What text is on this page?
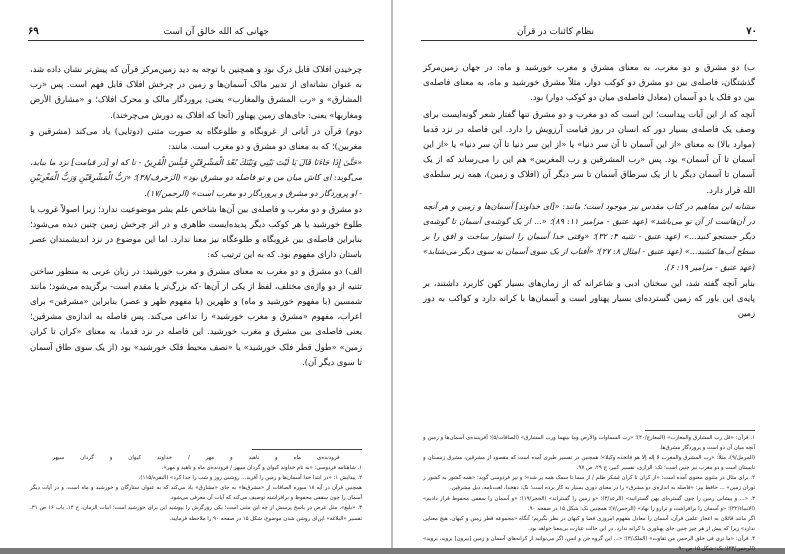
۶۹	جهانی که الله خالق آن است

چرخیدن افلاک قابل درک بود و همچنین با توجه به دید زمین‌مرکز قرآن که پیش‌تر نشان داده شد، به عنوان نشانه‌ای از تدبیر مالک آسمان‌ها و زمین در چرخش افلاک قابل فهم است. پس «رب المشارق» و «رب المشرق والمغارب» یعنی: پروردگار مالک و محرک افلاک؛ و «مشارق الأرض ومغاربها» یعنی: جای‌های زمین پهناور (آنجا که افلاک به دورش می‌چرخند).

دوم) قرآن در آیاتی از غروبگاه و طلوعگاه به صورت مثنی (دوتایی) یاد می‌کند (مشرقین و مغربین)؛ که به معنای دو مشرق و دو مغرب است. مانند:

«حَتَّىٰ إِذَا جَاءَنَا قَالَ يَا لَيْتَ بَيْنِي وَبَيْنَكَ بُعْدَ الْمَشْرِقَيْنِ فَبِئْسَ الْقَرِينُ - تا که او [در قیامت] نزد ما بیاید، می‌گوید: ای کاش میان من و تو فاصله دو مشرق بود» (الزخرف/۳۸)؛ «رَبُّ الْمَشْرِقَيْنِ وَرَبُّ الْمَغْرِبَيْنِ - او پروردگار دو مشرق و پروردگار دو مغرب است» (الرحمن/۱۷).

دو مشرق و دو مغرب و فاصله‌ی بین آن‌ها شاخص علم بشر موضوعیت ندارد؛ زیرا اصولاً غروب یا طلوع خورشید یا هر کوکب دیگر پدیده‌ایست ظاهری و در اثر چرخش زمین چنین دیده می‌شود؛ بنابراین فاصله‌ی بین غروبگاه و طلوعگاه نیز معنا ندارد. اما این موضوع در نزد اندیشمندان عصر باستان دارای مفهوم بود. که به این ترتیب که:

الف) دو مشرق و دو مغرب به معنای مشرق و مغرب خورشید: در زبان عربی به منظور ساختن تثنیه از دو واژه‌ی مختلف، لفظ از یکی از آن‌ها -که بزرگ‌تر یا مقدم است- برگزیده می‌شود؛ مانند شمسین (با مفهوم خورشید و ماه) و ظهرین (با مفهوم ظهر و عصر) بنابراین «مشرقین» برای اعراب، مفهوم «مشرق و مغرب خورشید» را تداعی می‌کند. پس فاصله به اندازه‌ی مشرقین؛ یعنی فاصله‌ی بین مشرق و مغرب خورشید. این فاصله در نزد قدما، به معنای «کران تا کران زمین» «طول قطر فلک خورشید» یا «نصف محیط فلک خورشید» بود (از یک سوی طاق آسمان تا سوی دیگر آن).

فرودنده‌ی ماه و ناهید و مهر / خداوند کیوان و گردان سپهر

۱. شاهنامه فردوسی: «به نام خداوند کیوان و گردان سپهر / فرودنده‌ی ماه و ناهید و مهر».

۲. پیدایش ۱: «در ابتدا خدا آسمان‌ها و زمین را آفرید... روشنی روز و شب را جدا کرد» (البقره/۱۱۵).

همچنین قرآن در آیه ۱۸ سوره الصافات از «مشرق‌ها» به جای «مشارق» یاد می‌کند که به عنوان ستارگان و خورشید و ماه است، و در آیات دیگر آسمان را چون سقفی محفوظ و برافراشته توصیف می‌کند که آیات آن معرفی می‌شود.

۳. «بلیغ»، مثل عرض در پاسخ پرسش از چه این مثنی است؛ یکی روزگرش را بپوشید این برای خورشید است؛ ابیات الزمان، ج ۱۴، باب ۱۶ ص ۳۱، تفسیر «البلاغة» این‌ای روشن شدن موضوع، شکل ۱۵ در صفحه ۹۰ را ملاحظه فرمایید.

۷۰
نظام کائنات در قرآن

ب) دو مشرق و دو مغرب، به معنای مشرق و مغرب خورشید و ماه: در جهان زمین‌مرکز گذشتگان، فاصله‌ی بین دو مشرق دو کوکب دوار، مثلاً مشرق خورشید و ماه، به معنای فاصله‌ی بین دو فلک یا دو آسمان (معادل فاصله‌ی میان دو کوکب دوار) بود.

آنچه که از این آیات پیداست؛ این است که دو مغرب و دو مشرق تنها گفتار شعر گونه‌ایست برای وصف یک فاصله‌ی بسیار دور که انسان در روز قیامت آرزویش را دارد. این فاصله در نزد قدما (موارد بالا) به معنای «از این آسمان تا آن سر دنیا» یا «از این سر دنیا تا آن سر دنیا» یا «از این آسمان تا آن آسمان» بود. پس «رب المشرقین و رب المغربین» هم این را می‌رساند که از یک آسمان تا آسمان دیگر یا از یک سرطاق آسمان تا سر دیگر آن (افلاک و زمین)، همه زیر سلطه‌ی الله قرار دارد.

مشابه این مفاهیم در کتاب مقدس نیز موجود است؛ مانند: «[ای خداوند] آسمان‌ها و زمین و هر آنچه در آن‌هاست از آن تو می‌باشد» (عهد عتیق - مزامیر ۱۱: ۸۹)؛ «... از یک گوشه‌ی آسمان تا گوشه‌ی دیگر جستجو کنید...» (عهد عتیق - تثنیه ۴: ۳۲)؛ «وقتی خدا آسمان را استوار ساخت و افق را بر سطح آب‌ها کشید...» (عهد عتیق - امثال ۸: ۲۷)؛ «آفتاب از یک سوی آسمان به سوی دیگر می‌شتابد» (عهد عتیق - مزامیر ۱۹: ۶).

بنابر آنچه گفته شد، این سخنان ادبی و شاعرانه که از زمان‌های بسیار کهن کاربرد داشتند، بر پایه‌ی این باور که زمین گسترده‌ای بسیار پهناور است و آسمان‌ها با کرانه دارد و کواکب به دور زمین

۱. قرآن: «قل رب المشارق والمغارب» (المعارج/۴۰)؛ «رب السماوات والأرض وما بينهما ورب المشارق» (الصافات/۵)؛ آفریننده‌ی آسمان‌ها و زمین و آنچه میان آن دو است و پروردگار مشرق‌ها.

(المزمل/۹)، مثلاً: «رب المشرق والمغرب لا إله إلا هو فاتخذه وكيلا»؛ همچنین در تفسیر طبری آمده است که مقصود از مشرقین، مشرق زمستان و تابستان است و دو مغرب نیز چنین است؛ نک: الرازی، تفسیر کبیر، ج ۲۹، ص ۹۷.

۲. برای مثال در مثنوی معنوی آمده است: «از کران تا کران لشکر ظلم / از سما تا سمک همه پر شد»؛ و نیز فردوسی گوید: «همه کشور به کشور ز توران زمین» ... حافظ نیز: «فاصله به اندازه‌ی دو مشرق» را در معنای دوری بسیار به کار برده است؛ نک: دهخدا، لغت‌نامه، ذیل مشرقین.

۳. «... و پیشانی زمین را چون گستره‌ای پهن گسترانید» (الرعد/۳)؛ «و زمین را گستراند» (الحجر/۱۹)؛ «و آسمان را سقفی محفوظ قرار دادیم» (الانبیاء/۳۲)؛ «و آسمان را برافراشت و ترازو را نهاد» (الرحمن/۷)؛ همچنین نک: شکل ۱۵ در صفحه ۹۰.

اگر مانند قائلان به اعجاز علمی قرآن، آسمان را معادل مفهوم امروزی فضا و کیهان در نظر بگیریم؛ آنگاه «مجموعه قطر زمین و کیهان، هیچ معنایی ندارد» زیرا که پیش از هر چیز چنین جای پهناوری با کرانه ندارد. در این حالت عبارت بی‌معنا خواهد بود.

۴. قرآن: «ما تری فی خلق الرحمن من تفاوت» (الملک/۳)؛ «... این گروه جن و انس، اگر می‌توانید از کرانه‌های آسمان و زمین [بیرون] بروید، بروید» (الرحمن/۳۳)؛ نک: شکل ۱۵ ص ۹۰.
